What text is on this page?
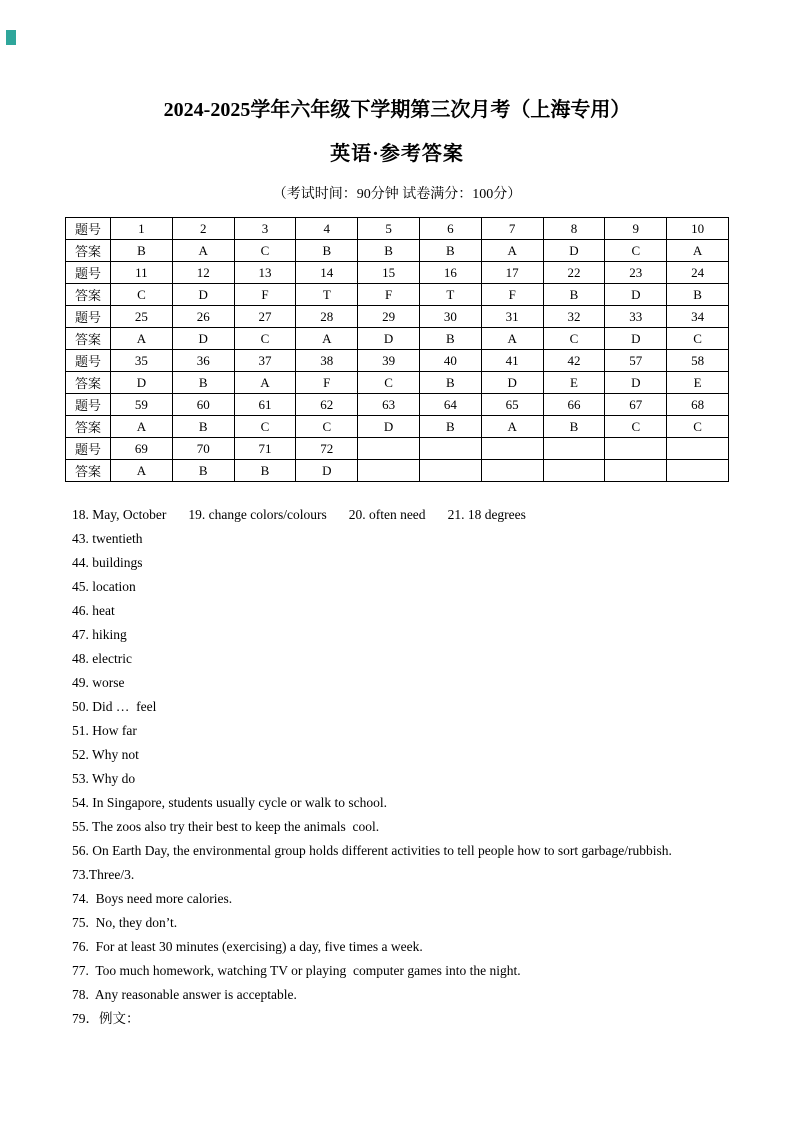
2024-2025学年六年级下学期第三次月考（上海专用）
英语·参考答案
（考试时间：90分钟 试卷满分：100分）
题号	1	2	3	4	5	6	7	8	9	10
答案	B	A	C	B	B	B	A	D	C	A
题号	11	12	13	14	15	16	17	22	23	24
答案	C	D	F	T	F	T	F	B	D	B
题号	25	26	27	28	29	30	31	32	33	34
答案	A	D	C	A	D	B	A	C	D	C
题号	35	36	37	38	39	40	41	42	57	58
答案	D	B	A	F	C	B	D	E	D	E
题号	59	60	61	62	63	64	65	66	67	68
答案	A	B	C	C	D	B	A	B	C	C
题号	69	70	71	72						
答案	A	B	B	D						
18. May, October 19. change colors/colours 20. often need 21. 18 degrees
43. twentieth
44. buildings
45. location
46. heat
47. hiking
48. electric
49. worse
50. Did …  feel
51. How far
52. Why not
53. Why do
54. In Singapore, students usually cycle or walk to school.
55. The zoos also try their best to keep the animals  cool.
56. On Earth Day, the environmental group holds different activities to tell people how to sort garbage/rubbish.
73.Three/3.
74.  Boys need more calories.
75.  No, they don’t.
76.  For at least 30 minutes (exercising) a day, five times a week.
77.  Too much homework, watching TV or playing  computer games into the night.
78.  Any reasonable answer is acceptable.
79．例文：
